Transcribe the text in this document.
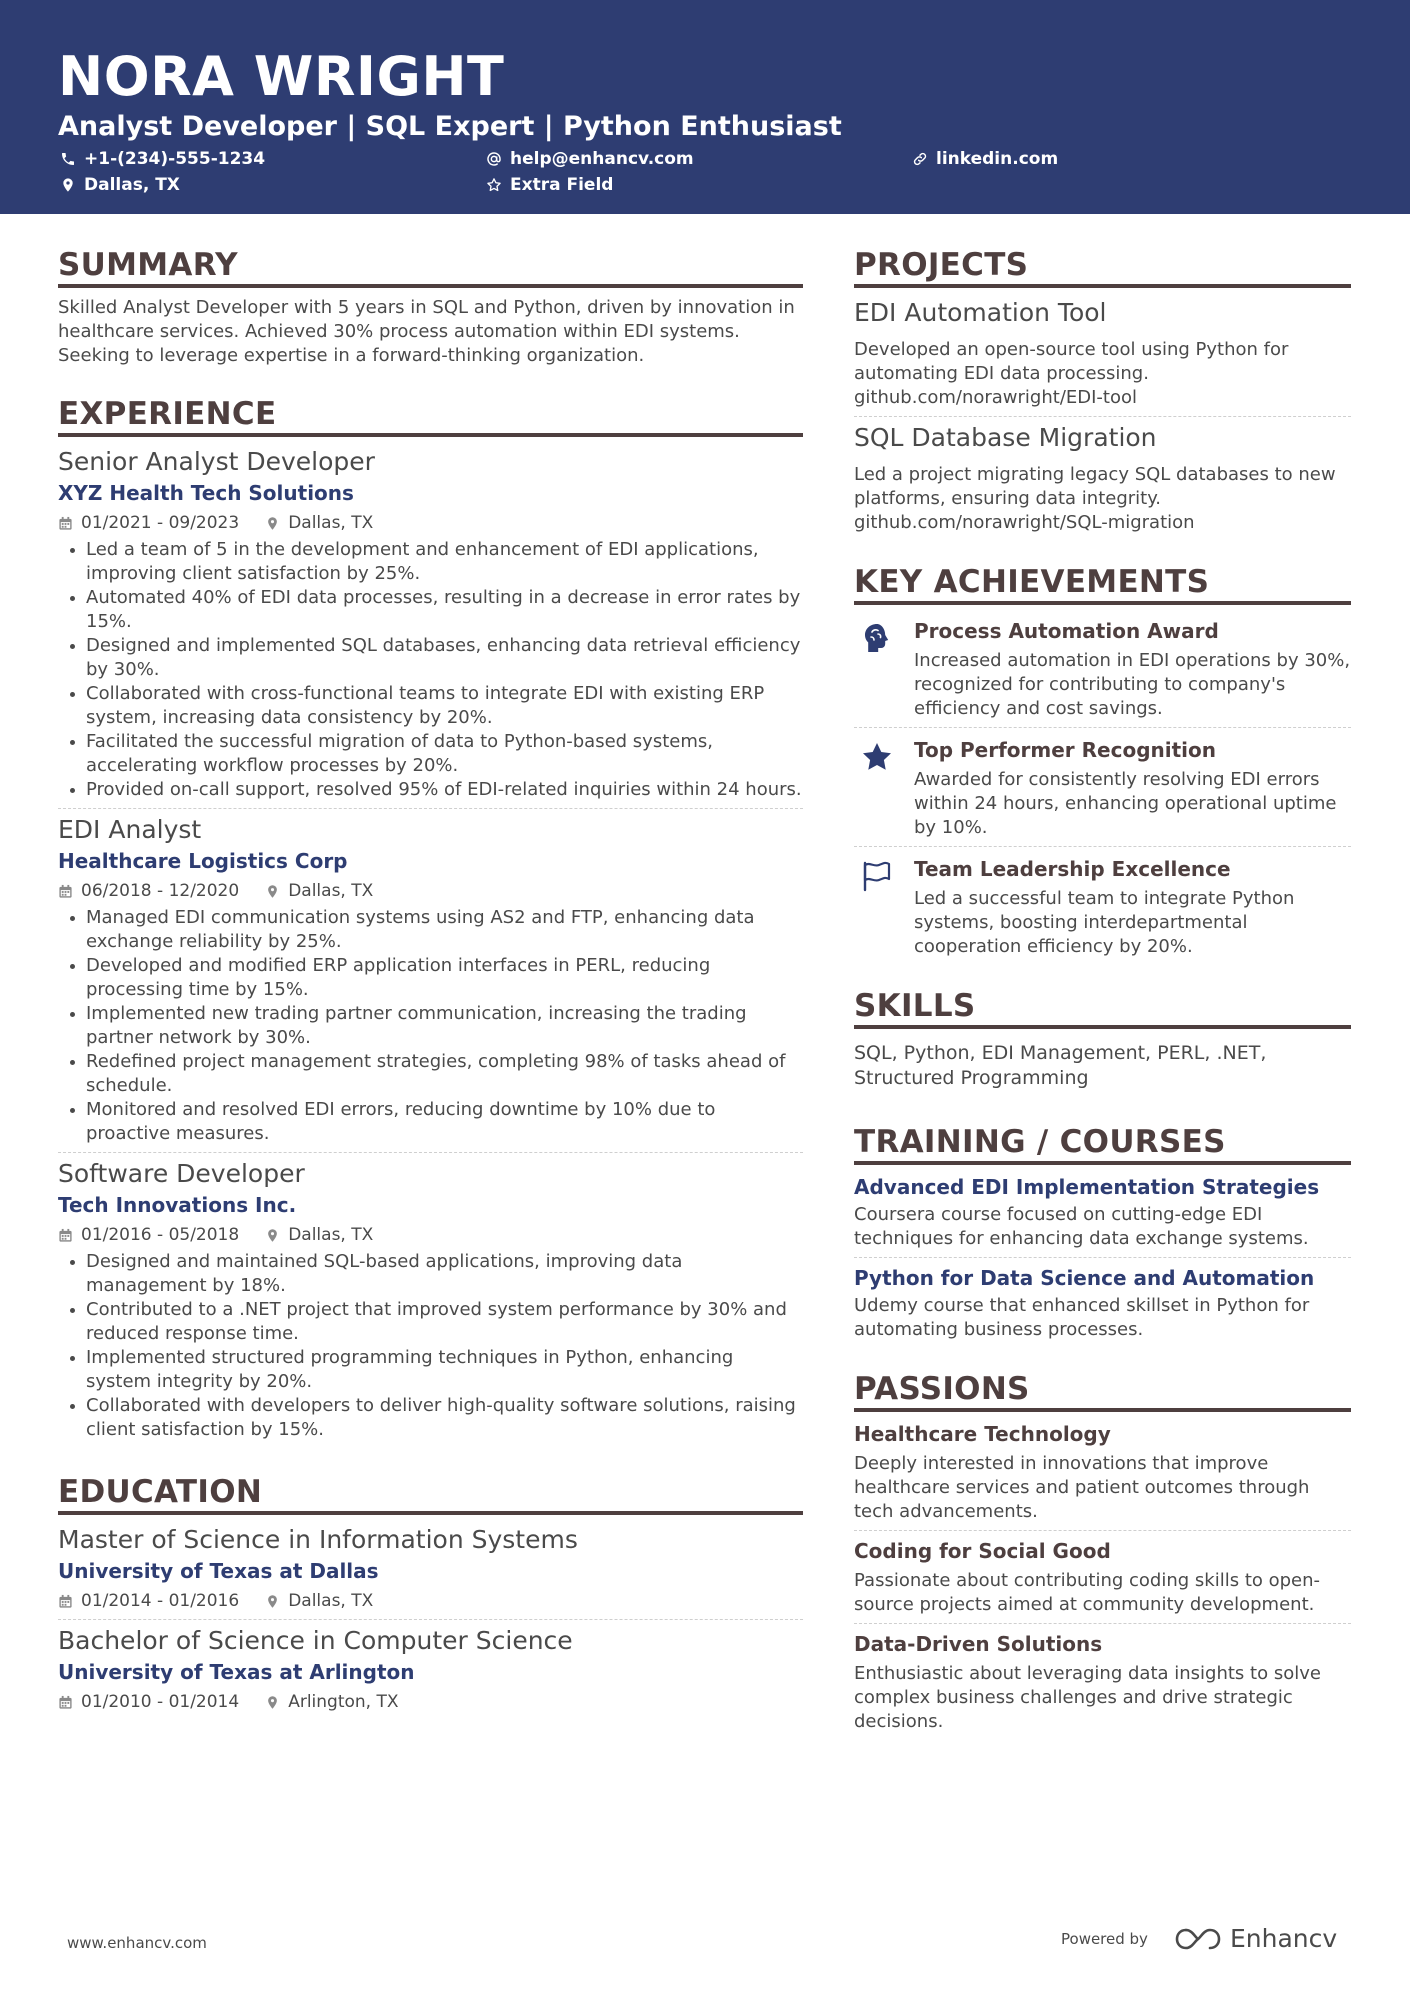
NORA WRIGHT
Analyst Developer | SQL Expert | Python Enthusiast
+1-(234)-555-1234	help@enhancv.com	linkedin.com
Dallas, TX	Extra Field
SUMMARY
Skilled Analyst Developer with 5 years in SQL and Python, driven by innovation in healthcare services. Achieved 30% process automation within EDI systems. Seeking to leverage expertise in a forward-thinking organization.
EXPERIENCE
Senior Analyst Developer
XYZ Health Tech Solutions
01/2021 - 09/2023	Dallas, TX
Led a team of 5 in the development and enhancement of EDI applications, improving client satisfaction by 25%.
Automated 40% of EDI data processes, resulting in a decrease in error rates by 15%.
Designed and implemented SQL databases, enhancing data retrieval efficiency by 30%.
Collaborated with cross-functional teams to integrate EDI with existing ERP system, increasing data consistency by 20%.
Facilitated the successful migration of data to Python-based systems, accelerating workflow processes by 20%.
Provided on-call support, resolved 95% of EDI-related inquiries within 24 hours.
EDI Analyst
Healthcare Logistics Corp
06/2018 - 12/2020	Dallas, TX
Managed EDI communication systems using AS2 and FTP, enhancing data exchange reliability by 25%.
Developed and modified ERP application interfaces in PERL, reducing processing time by 15%.
Implemented new trading partner communication, increasing the trading partner network by 30%.
Redefined project management strategies, completing 98% of tasks ahead of schedule.
Monitored and resolved EDI errors, reducing downtime by 10% due to proactive measures.
Software Developer
Tech Innovations Inc.
01/2016 - 05/2018	Dallas, TX
Designed and maintained SQL-based applications, improving data management by 18%.
Contributed to a .NET project that improved system performance by 30% and reduced response time.
Implemented structured programming techniques in Python, enhancing system integrity by 20%.
Collaborated with developers to deliver high-quality software solutions, raising client satisfaction by 15%.
EDUCATION
Master of Science in Information Systems
University of Texas at Dallas
01/2014 - 01/2016	Dallas, TX
Bachelor of Science in Computer Science
University of Texas at Arlington
01/2010 - 01/2014	Arlington, TX
PROJECTS
EDI Automation Tool
Developed an open-source tool using Python for automating EDI data processing.
github.com/norawright/EDI-tool
SQL Database Migration
Led a project migrating legacy SQL databases to new platforms, ensuring data integrity.
github.com/norawright/SQL-migration
KEY ACHIEVEMENTS
Process Automation Award
Increased automation in EDI operations by 30%, recognized for contributing to company's efficiency and cost savings.
Top Performer Recognition
Awarded for consistently resolving EDI errors within 24 hours, enhancing operational uptime by 10%.
Team Leadership Excellence
Led a successful team to integrate Python systems, boosting interdepartmental cooperation efficiency by 20%.
SKILLS
SQL, Python, EDI Management, PERL, .NET, Structured Programming
TRAINING / COURSES
Advanced EDI Implementation Strategies
Coursera course focused on cutting-edge EDI techniques for enhancing data exchange systems.
Python for Data Science and Automation
Udemy course that enhanced skillset in Python for automating business processes.
PASSIONS
Healthcare Technology
Deeply interested in innovations that improve healthcare services and patient outcomes through tech advancements.
Coding for Social Good
Passionate about contributing coding skills to open-source projects aimed at community development.
Data-Driven Solutions
Enthusiastic about leveraging data insights to solve complex business challenges and drive strategic decisions.
www.enhancv.com	Powered by	Enhancv
